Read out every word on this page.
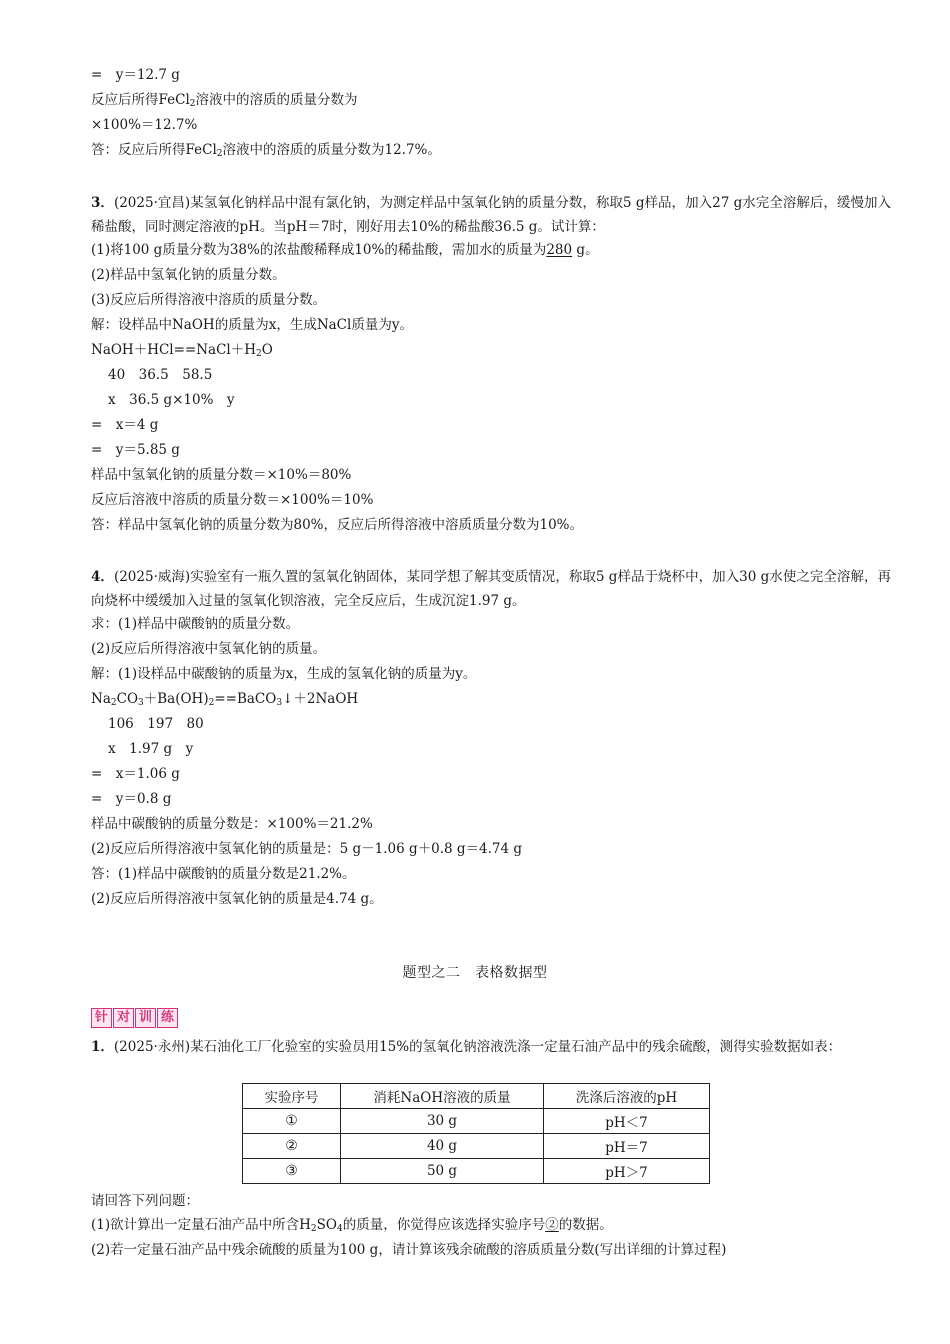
=　y＝12.7 g
反应后所得FeCl$_2$溶液中的溶质的质量分数为
×100%＝12.7%
答：反应后所得FeCl$_2$溶液中的溶质的质量分数为12.7%。
3．(2025·宜昌)某氢氧化钠样品中混有氯化钠，为测定样品中氢氧化钠的质量分数，称取5 g样品，加入27 g水完全溶解后，缓慢加入稀盐酸，同时测定溶液的pH。当pH＝7时，刚好用去10%的稀盐酸36.5 g。试计算：
(1)将100 g质量分数为38%的浓盐酸稀释成10%的稀盐酸，需加水的质量为280 g。
(2)样品中氢氧化钠的质量分数。
(3)反应后所得溶液中溶质的质量分数。
解：设样品中NaOH的质量为x，生成NaCl质量为y。
$NaOH+HCl==NaCl+H_2O$
40　36.5　58.5
x　36.5 g×10%　y
=　x＝4 g
=　y＝5.85 g
样品中氢氧化钠的质量分数＝×10%＝80%
反应后溶液中溶质的质量分数＝×100%＝10%
答：样品中氢氧化钠的质量分数为80%，反应后所得溶液中溶质质量分数为10%。
4．(2025·威海)实验室有一瓶久置的氢氧化钠固体，某同学想了解其变质情况，称取5 g样品于烧杯中，加入30 g水使之完全溶解，再向烧杯中缓缓加入过量的氢氧化钡溶液，完全反应后，生成沉淀1.97 g。
求：(1)样品中碳酸钠的质量分数。
(2)反应后所得溶液中氢氧化钠的质量。
解：(1)设样品中碳酸钠的质量为x，生成的氢氧化钠的质量为y。
$Na_2CO_3+Ba(OH)_2==BaCO_3↓+2NaOH$
106　197　80
x　1.97 g　y
=　x＝1.06 g
=　y＝0.8 g
样品中碳酸钠的质量分数是：×100%＝21.2%
(2)反应后所得溶液中氢氧化钠的质量是：5 g－1.06 g＋0.8 g＝4.74 g
答：(1)样品中碳酸钠的质量分数是21.2%。
(2)反应后所得溶液中氢氧化钠的质量是4.74 g。
题型之二　表格数据型
针 对 训 练
1．(2025·永州)某石油化工厂化验室的实验员用15%的氢氧化钠溶液洗涤一定量石油产品中的残余硫酸，测得实验数据如表：
实验序号	消耗NaOH溶液的质量	洗涤后溶液的pH
①	30 g	pH＜7
②	40 g	pH＝7
③	50 g	pH＞7
请回答下列问题：
(1)欲计算出一定量石油产品中所含$H_2SO_4$的质量，你觉得应该选择实验序号②的数据。
(2)若一定量石油产品中残余硫酸的质量为100 g，请计算该残余硫酸的溶质质量分数(写出详细的计算过程)
